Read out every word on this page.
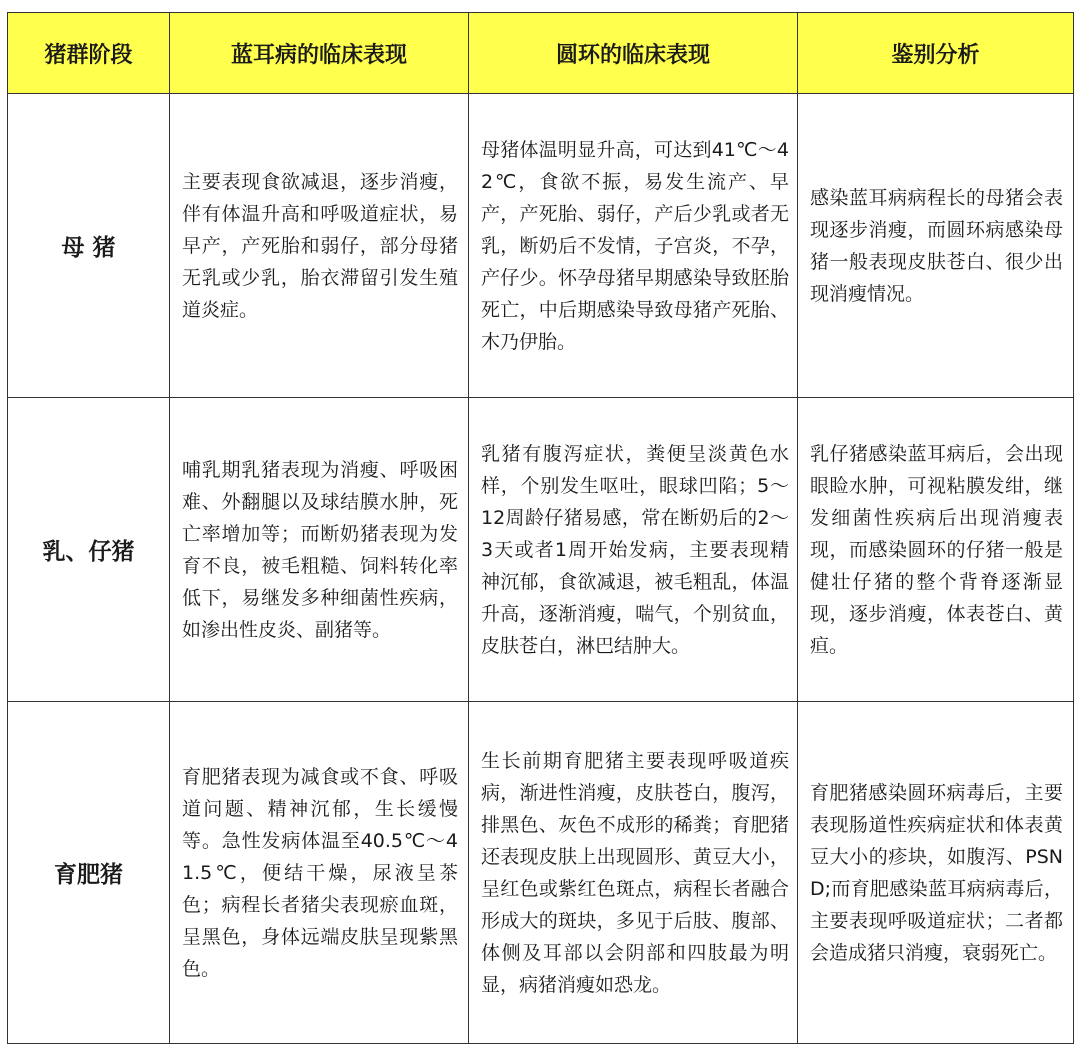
猪群阶段	蓝耳病的临床表现	圆环的临床表现	鉴别分析
母 猪	主要表现食欲减退，逐步消瘦，伴有体温升高和呼吸道症状，易早产，产死胎和弱仔，部分母猪无乳或少乳，胎衣滞留引发生殖道炎症。	母猪体温明显升高，可达到41℃～42℃，食欲不振，易发生流产、早产，产死胎、弱仔，产后少乳或者无乳，断奶后不发情，子宫炎，不孕，产仔少。怀孕母猪早期感染导致胚胎死亡，中后期感染导致母猪产死胎、木乃伊胎。	感染蓝耳病病程长的母猪会表现逐步消瘦，而圆环病感染母猪一般表现皮肤苍白、很少出现消瘦情况。
乳、仔猪	哺乳期乳猪表现为消瘦、呼吸困难、外翻腿以及球结膜水肿，死亡率增加等；而断奶猪表现为发育不良，被毛粗糙、饲料转化率低下，易继发多种细菌性疾病，如渗出性皮炎、副猪等。	乳猪有腹泻症状，粪便呈淡黄色水样，个别发生呕吐，眼球凹陷；5～12周龄仔猪易感，常在断奶后的2～3天或者1周开始发病，主要表现精神沉郁，食欲减退，被毛粗乱，体温升高，逐渐消瘦，喘气，个别贫血，皮肤苍白，淋巴结肿大。	乳仔猪感染蓝耳病后，会出现眼睑水肿，可视粘膜发绀，继发细菌性疾病后出现消瘦表现，而感染圆环的仔猪一般是健壮仔猪的整个背脊逐渐显现，逐步消瘦，体表苍白、黄疸。
育肥猪	育肥猪表现为减食或不食、呼吸道问题、精神沉郁，生长缓慢等。急性发病体温至40.5℃～41.5℃，便结干燥，尿液呈茶色；病程长者猪尖表现瘀血斑，呈黑色，身体远端皮肤呈现紫黑色。	生长前期育肥猪主要表现呼吸道疾病，渐进性消瘦，皮肤苍白，腹泻，排黑色、灰色不成形的稀粪；育肥猪还表现皮肤上出现圆形、黄豆大小，呈红色或紫红色斑点，病程长者融合形成大的斑块，多见于后肢、腹部、体侧及耳部以会阴部和四肢最为明显，病猪消瘦如恐龙。	育肥猪感染圆环病毒后，主要表现肠道性疾病症状和体表黄豆大小的疹块，如腹泻、PSND;而育肥感染蓝耳病病毒后，主要表现呼吸道症状；二者都会造成猪只消瘦，衰弱死亡。
